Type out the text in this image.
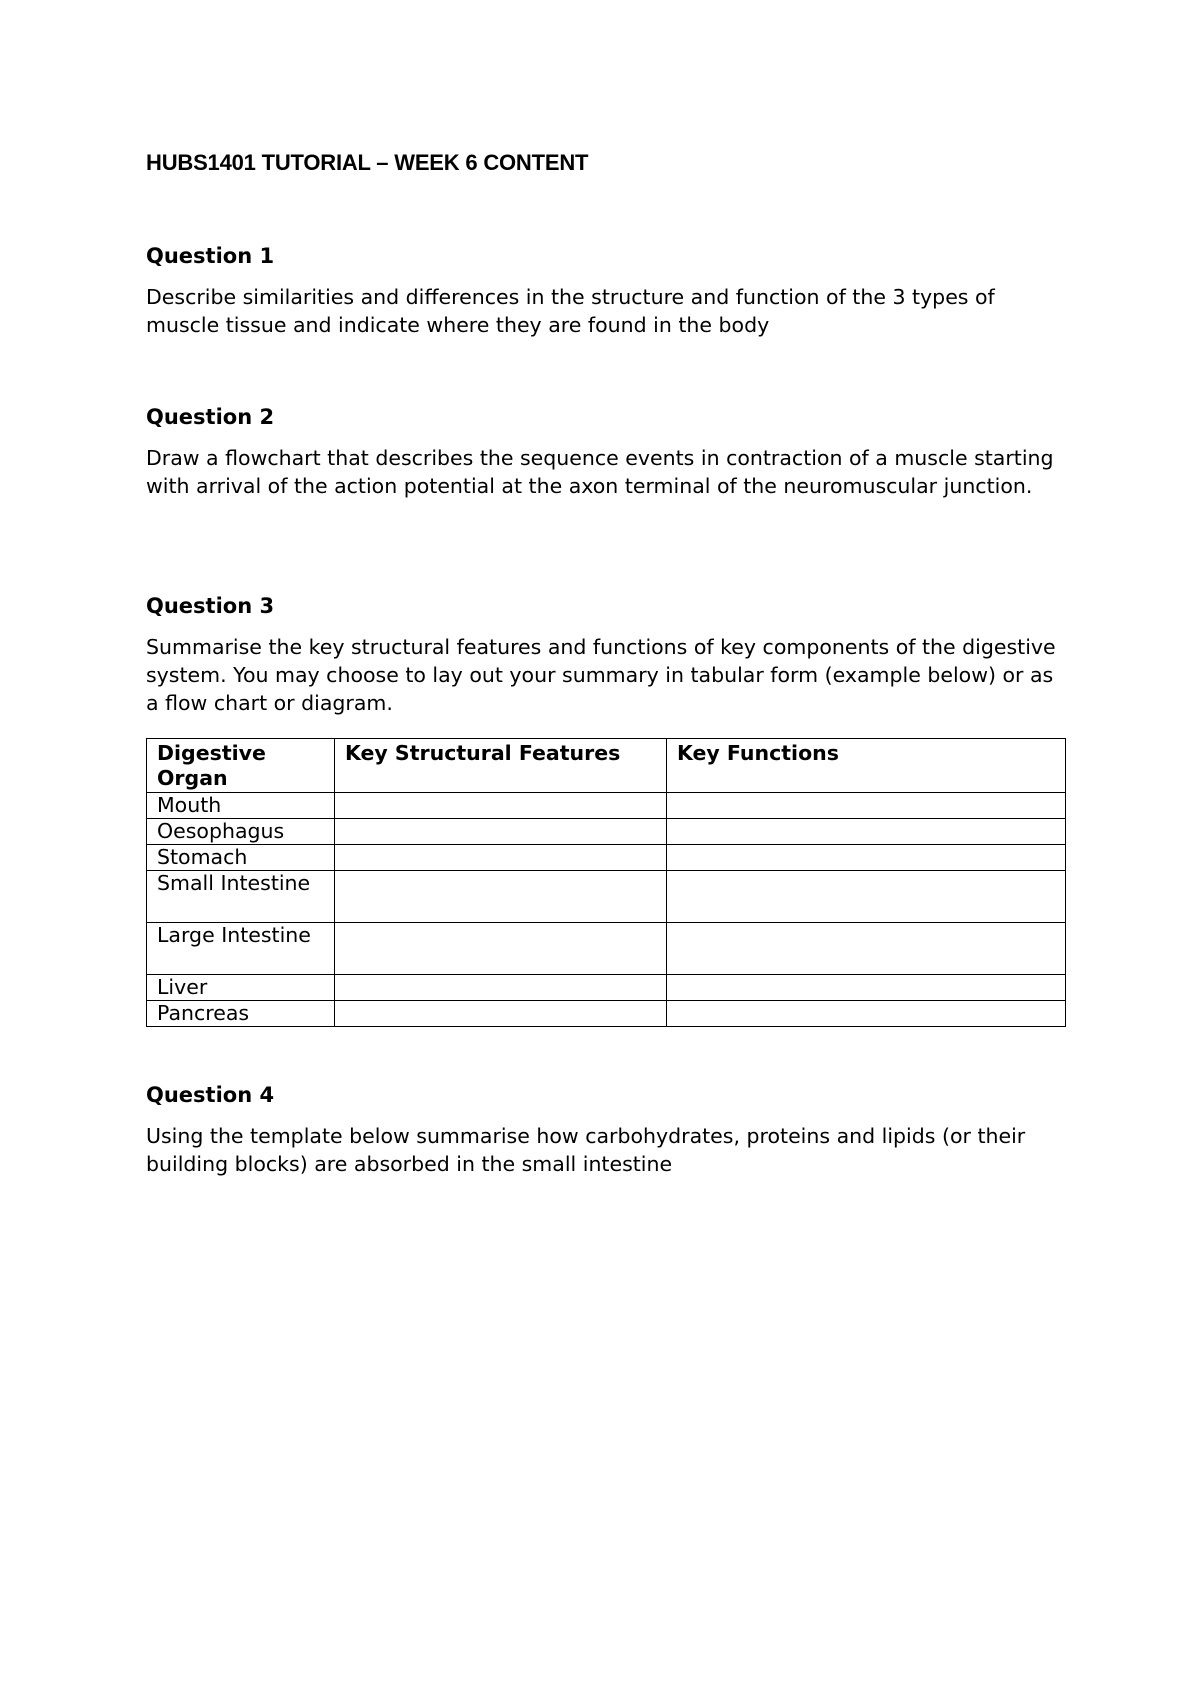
HUBS1401 TUTORIAL – WEEK 6 CONTENT

Question 1

Describe similarities and differences in the structure and function of the 3 types of muscle tissue and indicate where they are found in the body

Question 2

Draw a flowchart that describes the sequence events in contraction of a muscle starting with arrival of the action potential at the axon terminal of the neuromuscular junction.

Question 3

Summarise the key structural features and functions of key components of the digestive system. You may choose to lay out your summary in tabular form (example below) or as a flow chart or diagram.

Digestive Organ	Key Structural Features	Key Functions
Mouth		
Oesophagus		
Stomach		
Small Intestine		
Large Intestine		
Liver		
Pancreas		

Question 4

Using the template below summarise how carbohydrates, proteins and lipids (or their building blocks) are absorbed in the small intestine
